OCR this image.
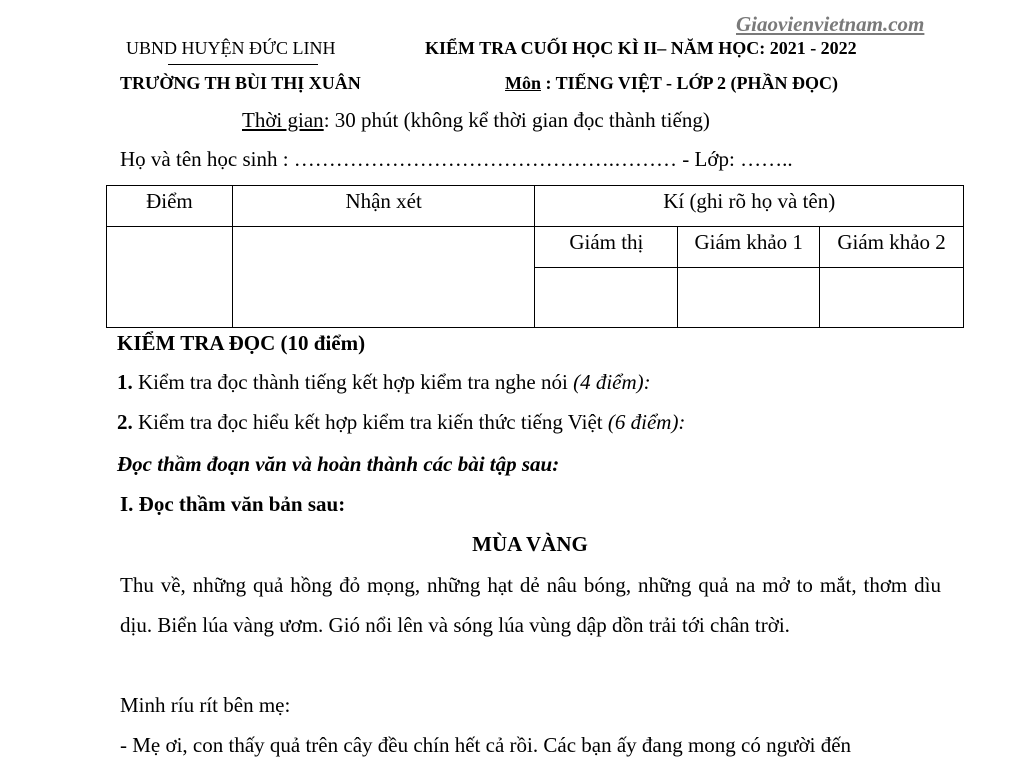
Giaovienvietnam.com
UBND HUYỆN ĐỨC LINH	KIỂM TRA CUỐI HỌC KÌ II– NĂM HỌC: 2021 - 2022
TRƯỜNG TH BÙI THỊ XUÂN	Môn : TIẾNG VIỆT - LỚP 2 (PHẦN ĐỌC)
Thời gian: 30 phút (không kể thời gian đọc thành tiếng)
Họ và tên học sinh : ……………………………………….……… - Lớp: ……..
Điểm	Nhận xét	Kí (ghi rõ họ và tên)		
		Giám thị	Giám khảo 1	Giám khảo 2

KIỂM TRA ĐỌC (10 điểm)
1. Kiểm tra đọc thành tiếng kết hợp kiểm tra nghe nói (4 điểm):
2. Kiểm tra đọc hiểu kết hợp kiểm tra kiến thức tiếng Việt (6 điểm):
Đọc thầm đoạn văn và hoàn thành các bài tập sau:
I. Đọc thầm văn bản sau:
MÙA VÀNG
Thu về, những quả hồng đỏ mọng, những hạt dẻ nâu bóng, những quả na mở to mắt, thơm dìu dịu. Biển lúa vàng ươm. Gió nổi lên và sóng lúa vùng dập dồn trải tới chân trời.
Minh ríu rít bên mẹ:
- Mẹ ơi, con thấy quả trên cây đều chín hết cả rồi. Các bạn ấy đang mong có người đến
